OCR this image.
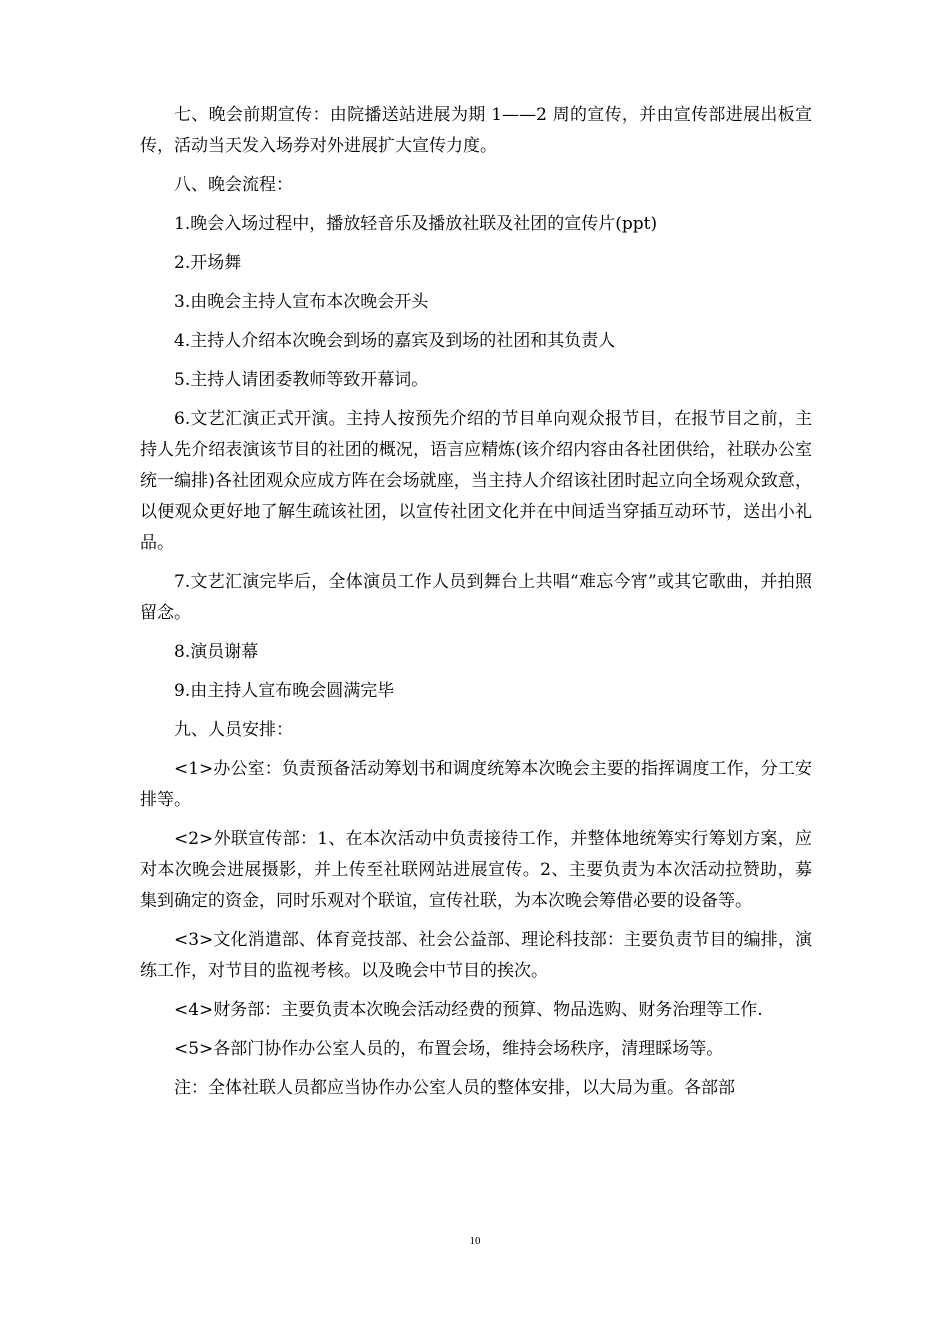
七、晚会前期宣传：由院播送站进展为期 1——2 周的宣传，并由宣传部进展出板宣传，活动当天发入场券对外进展扩大宣传力度。

八、晚会流程：

1.晚会入场过程中，播放轻音乐及播放社联及社团的宣传片(ppt)

2.开场舞

3.由晚会主持人宣布本次晚会开头

4.主持人介绍本次晚会到场的嘉宾及到场的社团和其负责人

5.主持人请团委教师等致开幕词。

6.文艺汇演正式开演。主持人按预先介绍的节目单向观众报节目，在报节目之前，主持人先介绍表演该节目的社团的概况，语言应精炼(该介绍内容由各社团供给，社联办公室统一编排)各社团观众应成方阵在会场就座，当主持人介绍该社团时起立向全场观众致意，以便观众更好地了解生疏该社团，以宣传社团文化并在中间适当穿插互动环节，送出小礼品。

7.文艺汇演完毕后，全体演员工作人员到舞台上共唱“难忘今宵”或其它歌曲，并拍照留念。

8.演员谢幕

9.由主持人宣布晚会圆满完毕

九、人员安排：

<1>办公室：负责预备活动筹划书和调度统筹本次晚会主要的指挥调度工作，分工安排等。

<2>外联宣传部：1、在本次活动中负责接待工作，并整体地统筹实行筹划方案，应对本次晚会进展摄影，并上传至社联网站进展宣传。2、主要负责为本次活动拉赞助，募集到确定的资金，同时乐观对个联谊，宣传社联，为本次晚会筹借必要的设备等。

<3>文化消遣部、体育竞技部、社会公益部、理论科技部：主要负责节目的编排，演练工作，对节目的监视考核。以及晚会中节目的挨次。

<4>财务部：主要负责本次晚会活动经费的预算、物品选购、财务治理等工作.

<5>各部门协作办公室人员的，布置会场，维持会场秩序，清理睬场等。

注：全体社联人员都应当协作办公室人员的整体安排，以大局为重。各部部

10
